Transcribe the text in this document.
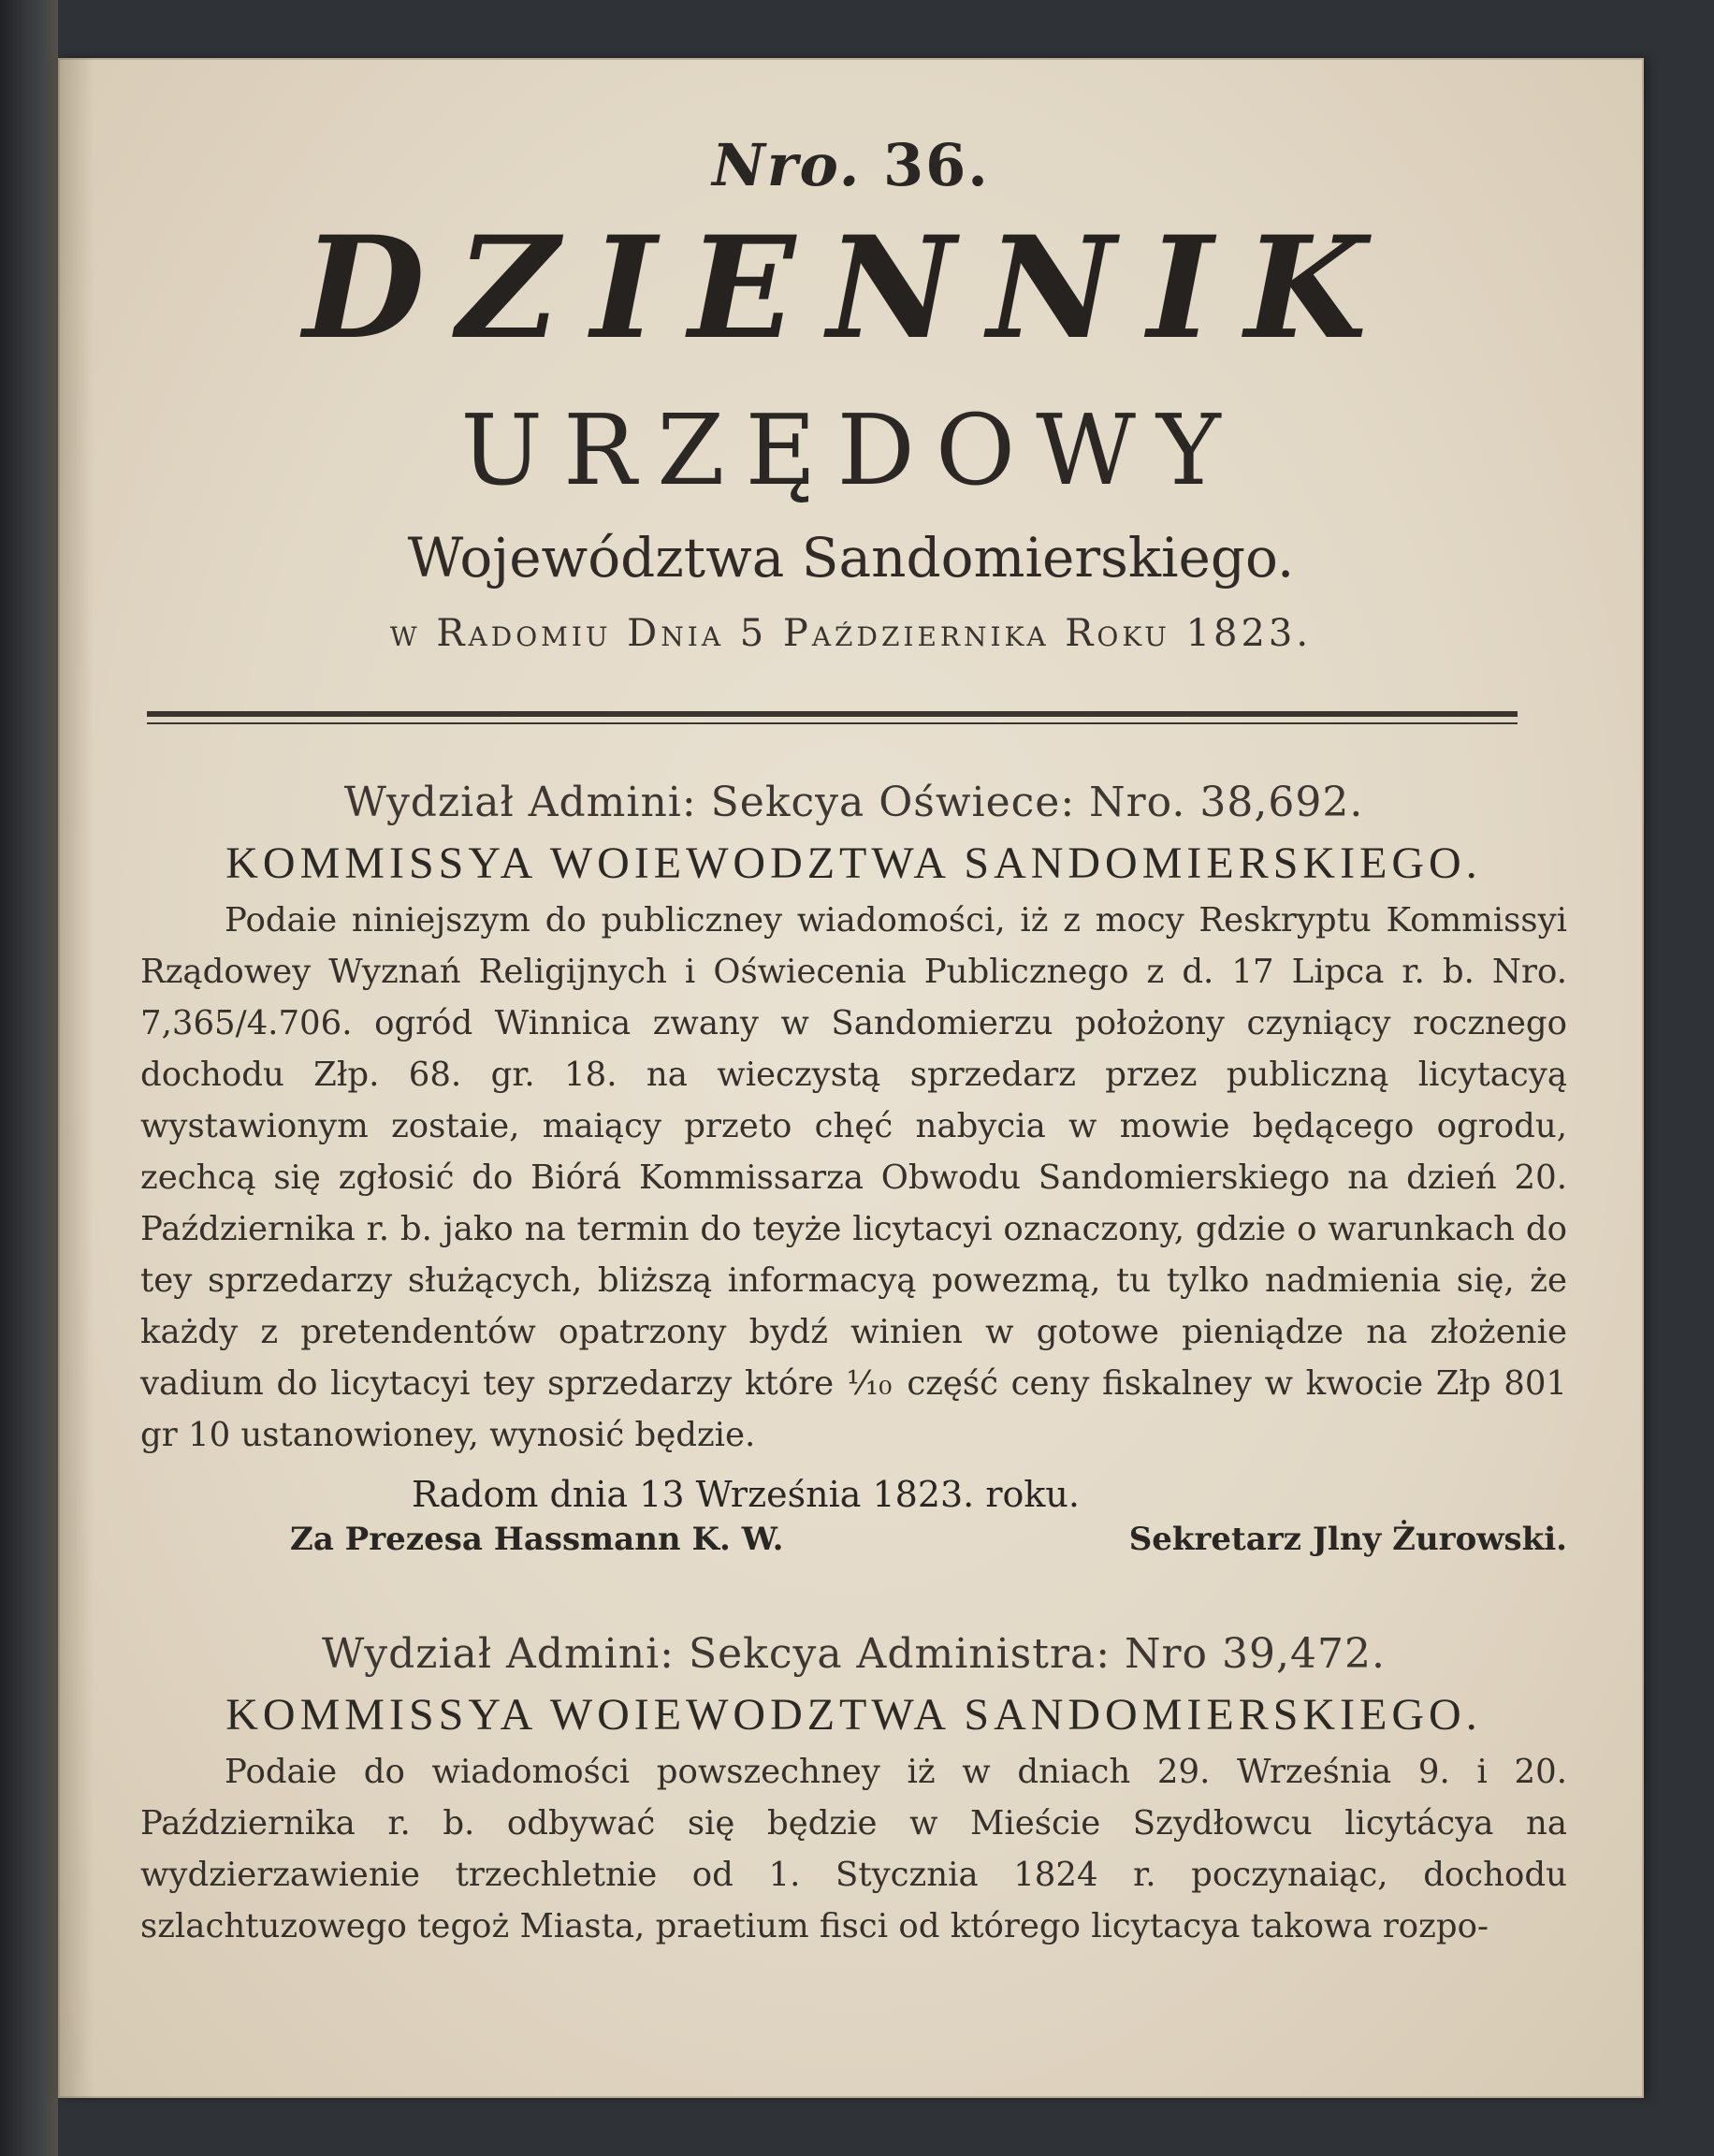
Nro. 36.
DZIENNIK
URZĘDOWY
Województwa Sandomierskiego.
w Radomiu Dnia 5 Października Roku 1823.

Wydział Admini: Sekcya Oświece: Nro. 38,692.

KOMMISSYA WOIEWODZTWA SANDOMIERSKIEGO.

Podaie niniejszym do publiczney wiadomości, iż z mocy Reskryptu Kommissyi Rządowey Wyznań Religijnych i Oświecenia Publicznego z d. 17 Lipca r. b. Nro. 7,365/4.706. ogród Winnica zwany w Sandomierzu położony czyniący rocznego dochodu Złp. 68. gr. 18. na wieczystą sprzedarz przez publiczną licytacyą wystawionym zostaie, maiący przeto chęć nabycia w mowie będącego ogrodu, zechcą się zgłosić do Biórá Kommissarza Obwodu Sandomierskiego na dzień 20. Października r. b. jako na termin do teyże licytacyi oznaczony, gdzie o warunkach do tey sprzedarzy służących, bliższą informacyą powezmą, tu tylko nadmienia się, że każdy z pretendentów opatrzony bydź winien w gotowe pieniądze na złożenie vadium do licytacyi tey sprzedarzy które ⅒ część ceny fiskalney w kwocie Złp 801 gr 10 ustanowioney, wynosić będzie.

Radom dnia 13 Września 1823. roku.

Za Prezesa Hassmann K. W.	Sekretarz Jlny Żurowski.

Wydział Admini: Sekcya Administra: Nro 39,472.

KOMMISSYA WOIEWODZTWA SANDOMIERSKIEGO.

Podaie do wiadomości powszechney iż w dniach 29. Września 9. i 20. Października r. b. odbywać się będzie w Mieście Szydłowcu licytácya na wydzierzawienie trzechletnie od 1. Stycznia 1824 r. poczynaiąc, dochodu szlachtuzowego tegoż Miasta, praetium fisci od którego licytacya takowa rozpo-
